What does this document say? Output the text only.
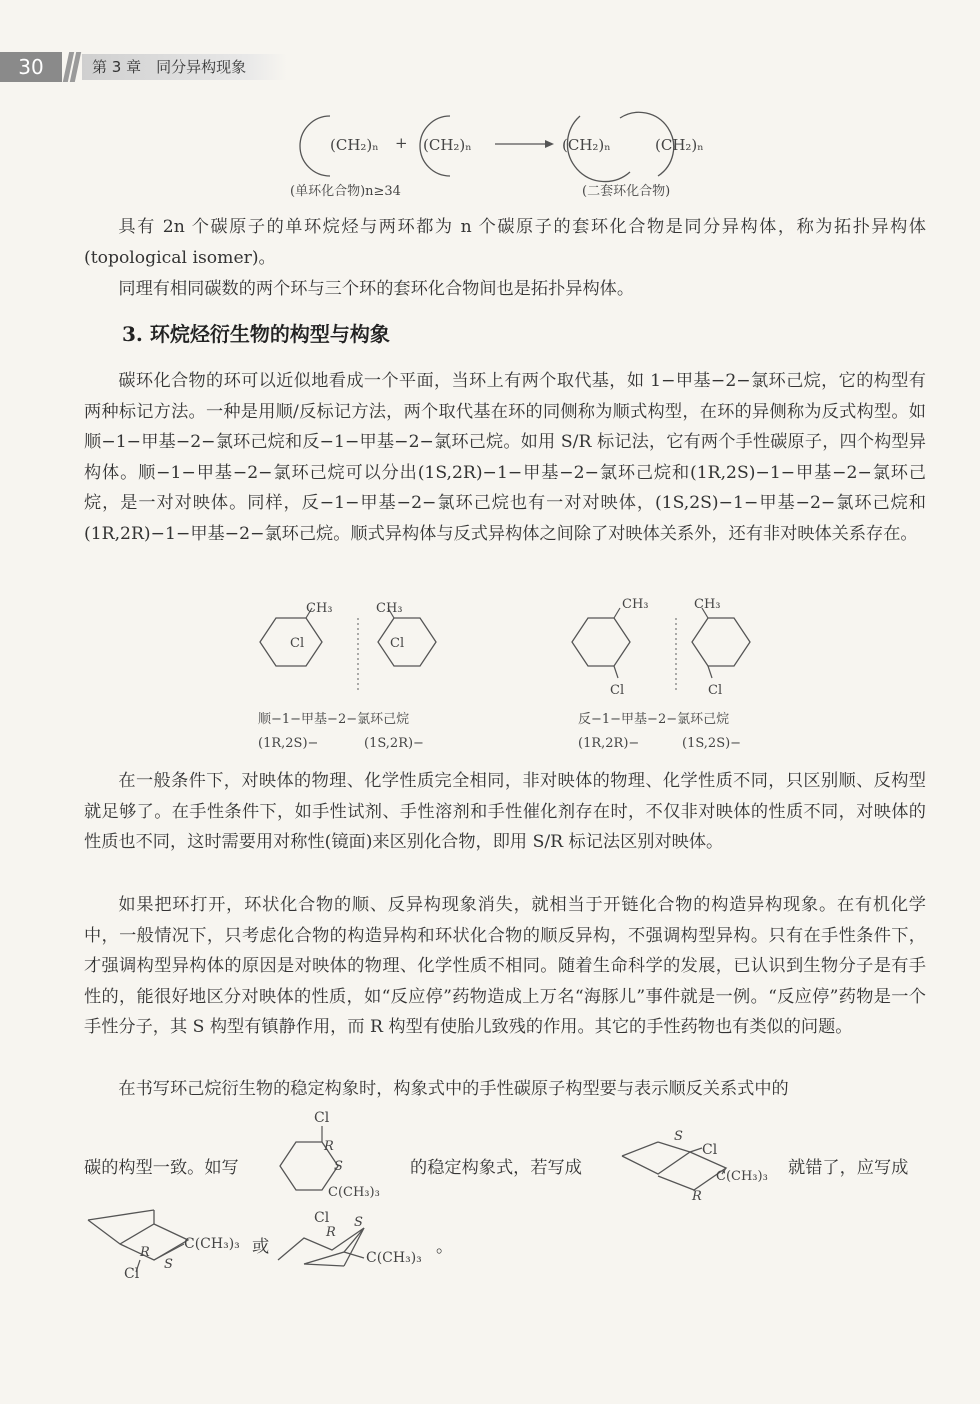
30	第 3 章　同分异构现象
(CH₂)ₙ + (CH₂)ₙ	(CH₂)ₙ	(CH₂)ₙ
(单环化合物)n≥34	(二套环化合物)

具有 2n 个碳原子的单环烷烃与两环都为 n 个碳原子的套环化合物是同分异构体，称为拓扑异构体(topological isomer)。

同理有相同碳数的两个环与三个环的套环化合物间也是拓扑异构体。

3. 环烷烃衍生物的构型与构象

碳环化合物的环可以近似地看成一个平面，当环上有两个取代基，如 1−甲基−2−氯环己烷，它的构型有两种标记方法。一种是用顺/反标记方法，两个取代基在环的同侧称为顺式构型，在环的异侧称为反式构型。如顺−1−甲基−2−氯环己烷和反−1−甲基−2−氯环己烷。如用 S/R 标记法，它有两个手性碳原子，四个构型异构体。顺−1−甲基−2−氯环己烷可以分出(1S,2R)−1−甲基−2−氯环己烷和(1R,2S)−1−甲基−2−氯环己烷，是一对对映体。同样，反−1−甲基−2−氯环己烷也有一对对映体，(1S,2S)−1−甲基−2−氯环己烷和(1R,2R)−1−甲基−2−氯环己烷。顺式异构体与反式异构体之间除了对映体关系外，还有非对映体关系存在。

CH₃
Cl
CH₃
Cl
CH₃
Cl
CH₃
Cl
顺−1−甲基−2−氯环己烷
(1R,2S)−	(1S,2R)−
反−1−甲基−2−氯环己烷
(1R,2R)−	(1S,2S)−

在一般条件下，对映体的物理、化学性质完全相同，非对映体的物理、化学性质不同，只区别顺、反构型就足够了。在手性条件下，如手性试剂、手性溶剂和手性催化剂存在时，不仅非对映体的性质不同，对映体的性质也不同，这时需要用对称性(镜面)来区别化合物，即用 S/R 标记法区别对映体。

如果把环打开，环状化合物的顺、反异构现象消失，就相当于开链化合物的构造异构现象。在有机化学中，一般情况下，只考虑化合物的构造异构和环状化合物的顺反异构，不强调构型异构。只有在手性条件下，才强调构型异构体的原因是对映体的物理、化学性质不相同。随着生命科学的发展，已认识到生物分子是有手性的，能很好地区分对映体的性质，如“反应停”药物造成上万名“海豚儿”事件就是一例。“反应停”药物是一个手性分子，其 S 构型有镇静作用，而 R 构型有使胎儿致残的作用。其它的手性药物也有类似的问题。

在书写环己烷衍生物的稳定构象时，构象式中的手性碳原子构型要与表示顺反关系式中的

碳的构型一致。如写
Cl
R
S
C(CH₃)₃
的稳定构象式，若写成
S
Cl
C(CH₃)₃
R
就错了，应写成
C(CH₃)₃
R
S
Cl
或
Cl
R
S
C(CH₃)₃
。
